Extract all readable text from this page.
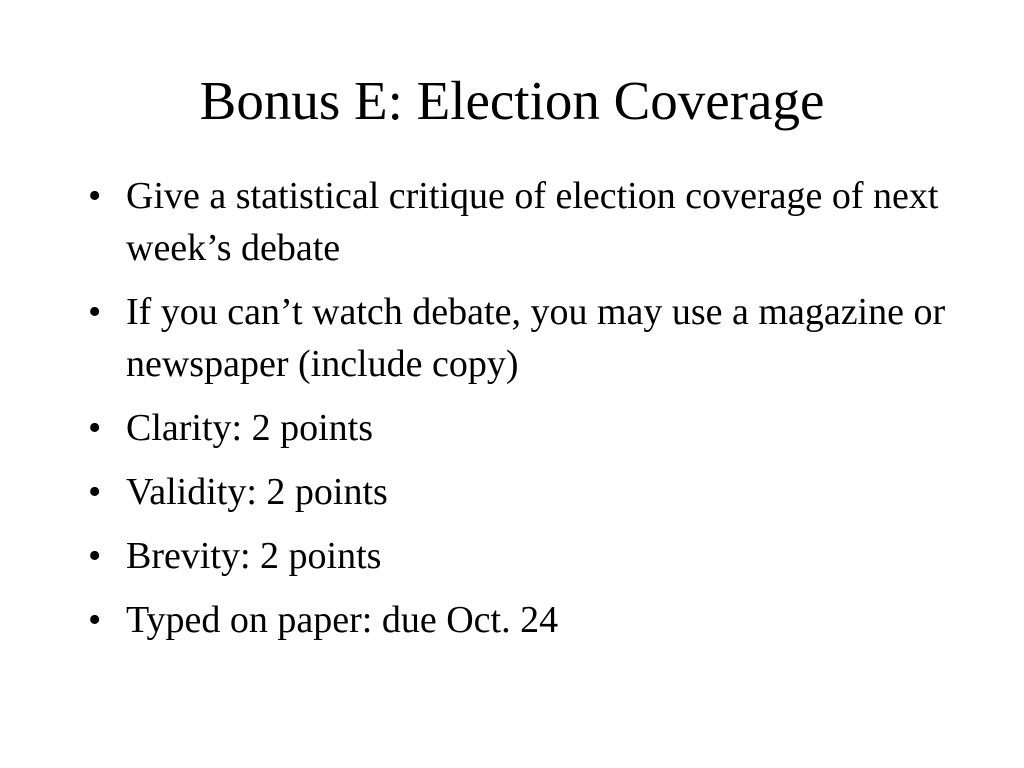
Bonus E: Election Coverage
• Give a statistical critique of election coverage of next week’s debate
• If you can’t watch debate, you may use a magazine or newspaper (include copy)
• Clarity: 2 points
• Validity: 2 points
• Brevity: 2 points
• Typed on paper: due Oct. 24
